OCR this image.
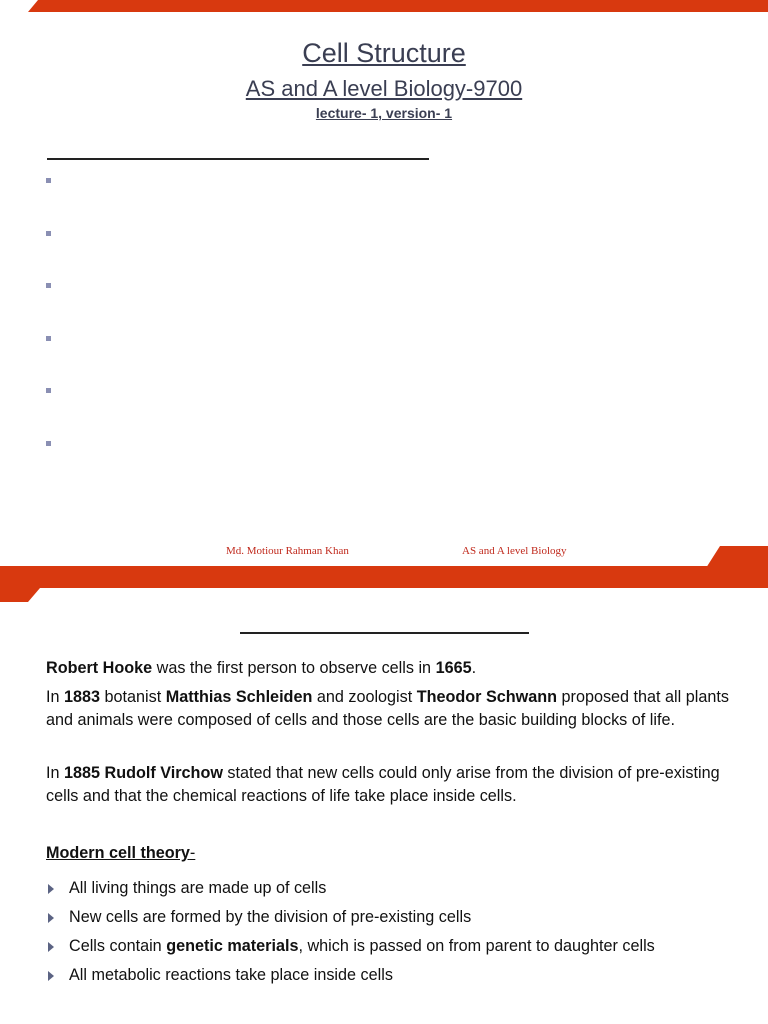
Cell Structure
AS and A level Biology-9700
lecture- 1, version- 1
Md. Motiour Rahman Khan	AS and A level Biology
Robert Hooke was the first person to observe cells in 1665.
In 1883 botanist Matthias Schleiden and zoologist Theodor Schwann proposed that all plants and animals were composed of cells and those cells are the basic building blocks of life.
In 1885 Rudolf Virchow stated that new cells could only arise from the division of pre-existing cells and that the chemical reactions of life take place inside cells.
Modern cell theory-
All living things are made up of cells
New cells are formed by the division of pre-existing cells
Cells contain genetic materials, which is passed on from parent to daughter cells
All metabolic reactions take place inside cells
